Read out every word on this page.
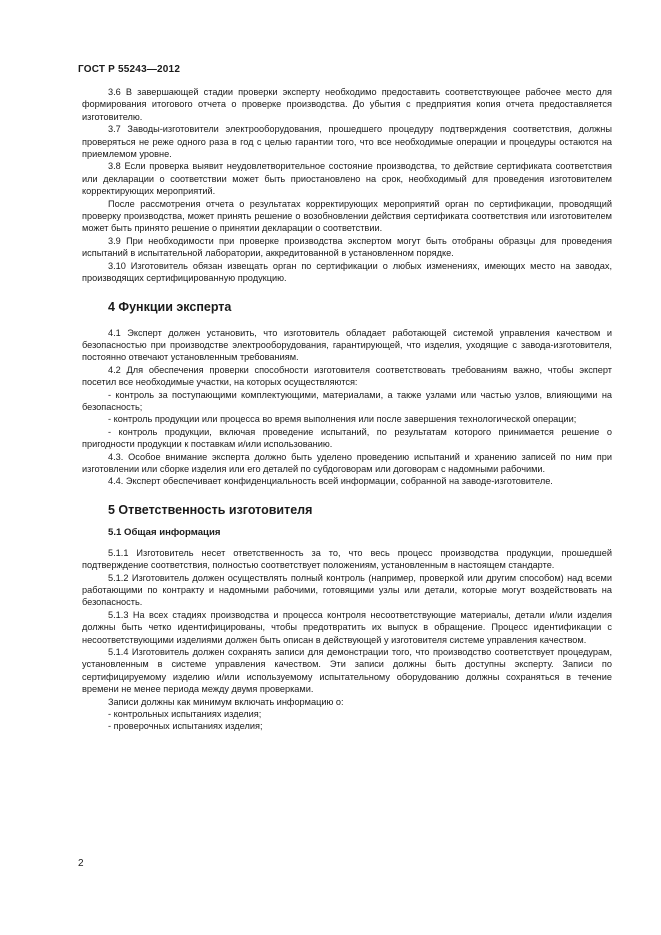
ГОСТ Р 55243—2012

3.6 В завершающей стадии проверки эксперту необходимо предоставить соответствующее рабочее место для формирования итогового отчета о проверке производства. До убытия с предприятия копия отчета предоставляется изготовителю.

3.7 Заводы-изготовители электрооборудования, прошедшего процедуру подтверждения соответствия, должны проверяться не реже одного раза в год с целью гарантии того, что все необходимые операции и процедуры остаются на приемлемом уровне.

3.8 Если проверка выявит неудовлетворительное состояние производства, то действие сертификата соответствия или декларации о соответствии может быть приостановлено на срок, необходимый для проведения изготовителем корректирующих мероприятий.

После рассмотрения отчета о результатах корректирующих мероприятий орган по сертификации, проводящий проверку производства, может принять решение о возобновлении действия сертификата соответствия или изготовителем может быть принято решение о принятии декларации о соответствии.

3.9 При необходимости при проверке производства экспертом могут быть отобраны образцы для проведения испытаний в испытательной лаборатории, аккредитованной в установленном порядке.

3.10 Изготовитель обязан извещать орган по сертификации о любых изменениях, имеющих место на заводах, производящих сертифицированную продукцию.

4 Функции эксперта

4.1 Эксперт должен установить, что изготовитель обладает работающей системой управления качеством и безопасностью при производстве электрооборудования, гарантирующей, что изделия, уходящие с завода-изготовителя, постоянно отвечают установленным требованиям.

4.2 Для обеспечения проверки способности изготовителя соответствовать требованиям важно, чтобы эксперт посетил все необходимые участки, на которых осуществляются:

- контроль за поступающими комплектующими, материалами, а также узлами или частью узлов, влияющими на безопасность;

- контроль продукции или процесса во время выполнения или после завершения технологической операции;

- контроль продукции, включая проведение испытаний, по результатам которого принимается решение о пригодности продукции к поставкам и/или использованию.

4.3. Особое внимание эксперта должно быть уделено проведению испытаний и хранению записей по ним при изготовлении или сборке изделия или его деталей по субдоговорам или договорам с надомными рабочими.

4.4. Эксперт обеспечивает конфиденциальность всей информации, собранной на заводе-изготовителе.

5 Ответственность изготовителя
5.1 Общая информация

5.1.1 Изготовитель несет ответственность за то, что весь процесс производства продукции, прошедшей подтверждение соответствия, полностью соответствует положениям, установленным в настоящем стандарте.

5.1.2 Изготовитель должен осуществлять полный контроль (например, проверкой или другим способом) над всеми работающими по контракту и надомными рабочими, готовящими узлы или детали, которые могут воздействовать на безопасность.

5.1.3 На всех стадиях производства и процесса контроля несоответствующие материалы, детали и/или изделия должны быть четко идентифицированы, чтобы предотвратить их выпуск в обращение. Процесс идентификации с несоответствующими изделиями должен быть описан в действующей у изготовителя системе управления качеством.

5.1.4 Изготовитель должен сохранять записи для демонстрации того, что производство соответствует процедурам, установленным в системе управления качеством. Эти записи должны быть доступны эксперту. Записи по сертифицируемому изделию и/или используемому испытательному оборудованию должны сохраняться в течение времени не менее периода между двумя проверками.

Записи должны как минимум включать информацию о:

- контрольных испытаниях изделия;

- проверочных испытаниях изделия;

2
